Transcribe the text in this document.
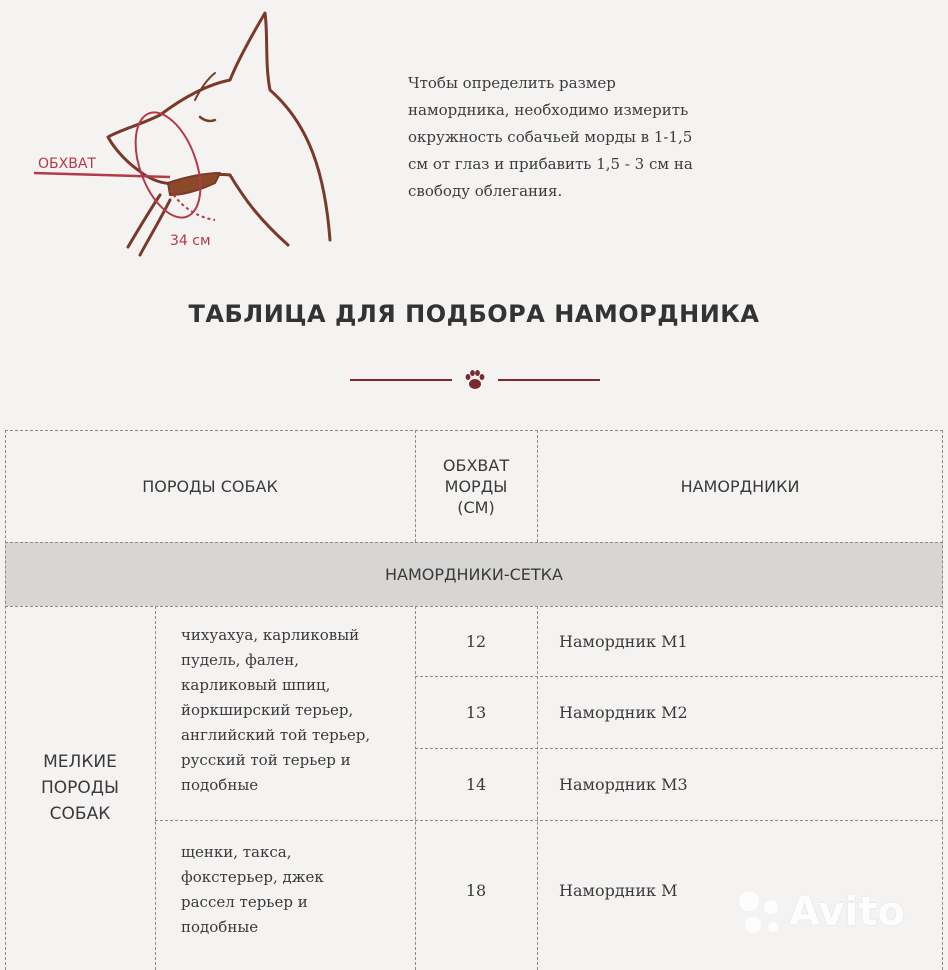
ОБХВАТ
34 см
Чтобы определить размер
намордника, необходимо измерить
окружность собачьей морды в 1-1,5
см от глаз и прибавить 1,5 - 3 см на
свободу облегания.
ТАБЛИЦА ДЛЯ ПОДБОРА НАМОРДНИКА
ПОРОДЫ СОБАК
ОБХВАТ
МОРДЫ
(СМ)
НАМОРДНИКИ
НАМОРДНИКИ-СЕТКА
МЕЛКИЕ
ПОРОДЫ
СОБАК
чихуахуа, карликовый
пудель, фален,
карликовый шпиц,
йоркширский терьер,
английский той терьер,
русский той терьер и
подобные
щенки, такса,
фокстерьер, джек
рассел терьер и
подобные
12
13
14
18
Намордник М1
Намордник М2
Намордник М3
Намордник М	Avito
